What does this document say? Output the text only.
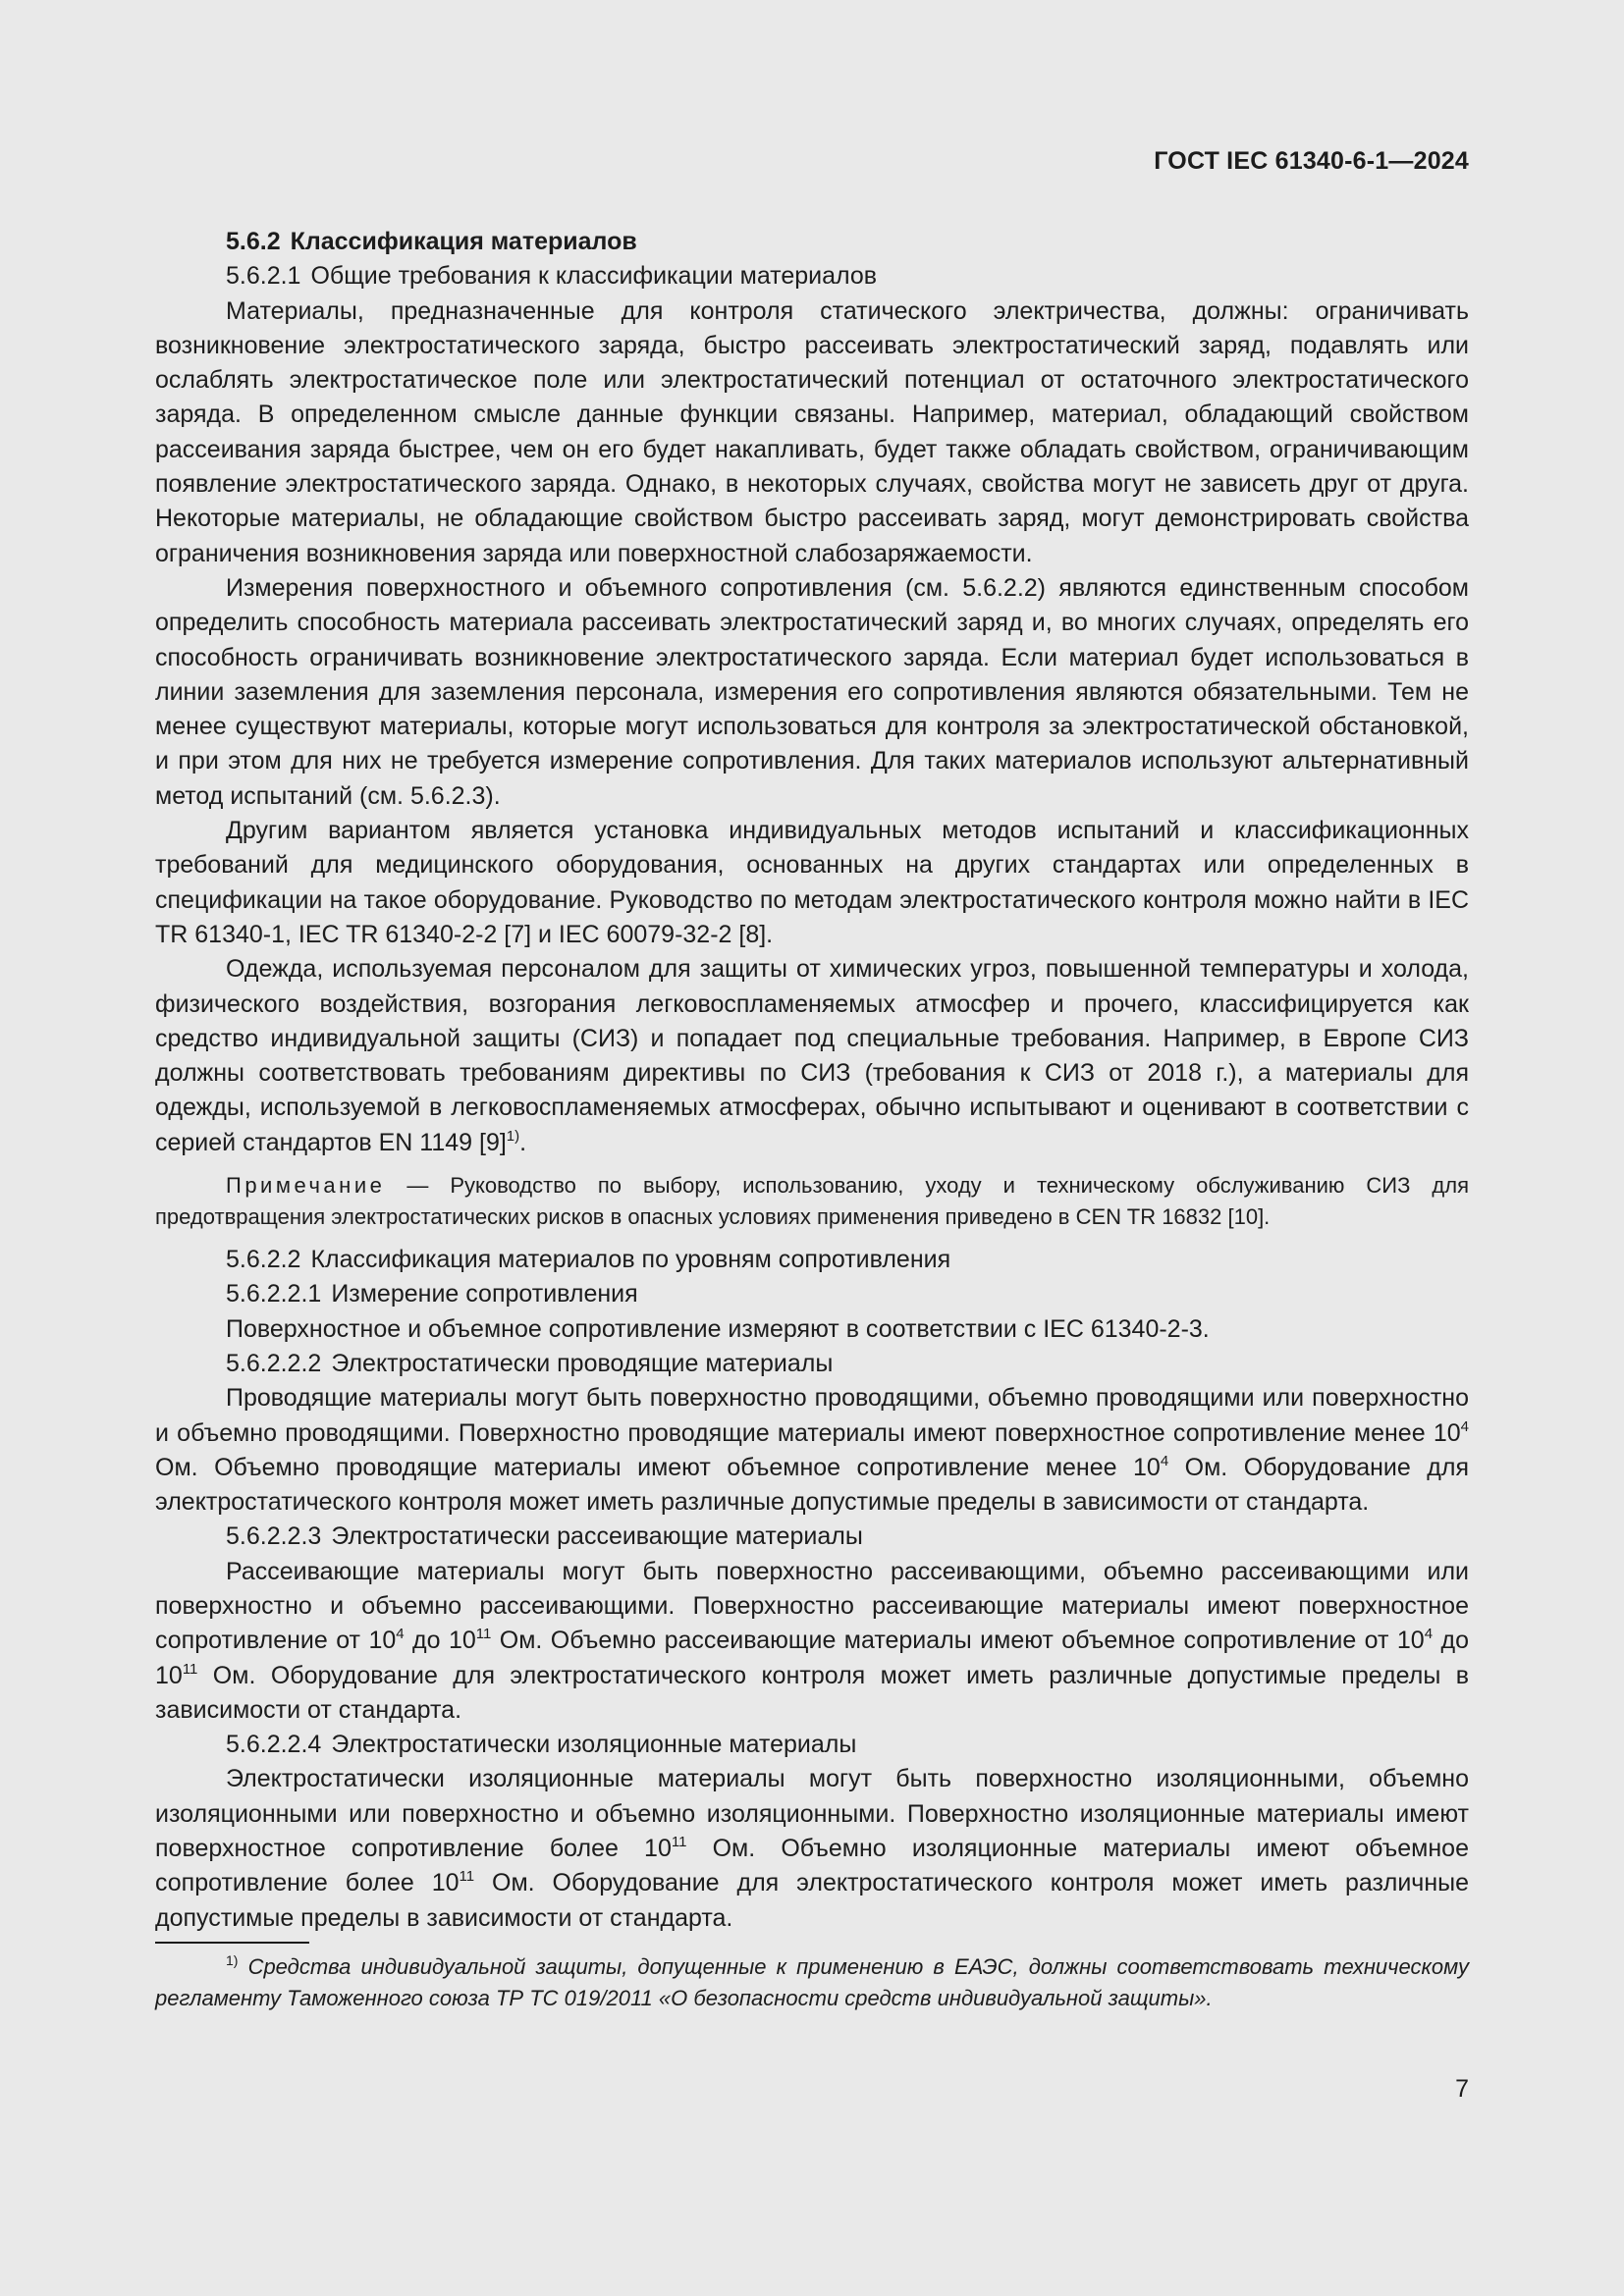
ГОСТ IEC 61340-6-1—2024

5.6.2 Классификация материалов

5.6.2.1 Общие требования к классификации материалов

Материалы, предназначенные для контроля статического электричества, должны: ограничивать возникновение электростатического заряда, быстро рассеивать электростатический заряд, подавлять или ослаблять электростатическое поле или электростатический потенциал от остаточного электростатического заряда. В определенном смысле данные функции связаны. Например, материал, обладающий свойством рассеивания заряда быстрее, чем он его будет накапливать, будет также обладать свойством, ограничивающим появление электростатического заряда. Однако, в некоторых случаях, свойства могут не зависеть друг от друга. Некоторые материалы, не обладающие свойством быстро рассеивать заряд, могут демонстрировать свойства ограничения возникновения заряда или поверхностной слабозаряжаемости.

Измерения поверхностного и объемного сопротивления (см. 5.6.2.2) являются единственным способом определить способность материала рассеивать электростатический заряд и, во многих случаях, определять его способность ограничивать возникновение электростатического заряда. Если материал будет использоваться в линии заземления для заземления персонала, измерения его сопротивления являются обязательными. Тем не менее существуют материалы, которые могут использоваться для контроля за электростатической обстановкой, и при этом для них не требуется измерение сопротивления. Для таких материалов используют альтернативный метод испытаний (см. 5.6.2.3).

Другим вариантом является установка индивидуальных методов испытаний и классификационных требований для медицинского оборудования, основанных на других стандартах или определенных в спецификации на такое оборудование. Руководство по методам электростатического контроля можно найти в IEC TR 61340-1, IEC TR 61340-2-2 [7] и IEC 60079-32-2 [8].

Одежда, используемая персоналом для защиты от химических угроз, повышенной температуры и холода, физического воздействия, возгорания легковоспламеняемых атмосфер и прочего, классифицируется как средство индивидуальной защиты (СИЗ) и попадает под специальные требования. Например, в Европе СИЗ должны соответствовать требованиям директивы по СИЗ (требования к СИЗ от 2018 г.), а материалы для одежды, используемой в легковоспламеняемых атмосферах, обычно испытывают и оценивают в соответствии с серией стандартов EN 1149 $[9]^{1)}$.

Примечание — Руководство по выбору, использованию, уходу и техническому обслуживанию СИЗ для предотвращения электростатических рисков в опасных условиях применения приведено в CEN TR 16832 [10].

5.6.2.2 Классификация материалов по уровням сопротивления

5.6.2.2.1 Измерение сопротивления

Поверхностное и объемное сопротивление измеряют в соответствии с IEC 61340-2-3.

5.6.2.2.2 Электростатически проводящие материалы

Проводящие материалы могут быть поверхностно проводящими, объемно проводящими или поверхностно и объемно проводящими. Поверхностно проводящие материалы имеют поверхностное сопротивление менее $10^4$ Ом. Объемно проводящие материалы имеют объемное сопротивление менее $10^4$ Ом. Оборудование для электростатического контроля может иметь различные допустимые пределы в зависимости от стандарта.

5.6.2.2.3 Электростатически рассеивающие материалы

Рассеивающие материалы могут быть поверхностно рассеивающими, объемно рассеивающими или поверхностно и объемно рассеивающими. Поверхностно рассеивающие материалы имеют поверхностное сопротивление от $10^4$ до $10^{11}$ Ом. Объемно рассеивающие материалы имеют объемное сопротивление от $10^4$ до $10^{11}$ Ом. Оборудование для электростатического контроля может иметь различные допустимые пределы в зависимости от стандарта.

5.6.2.2.4 Электростатически изоляционные материалы

Электростатически изоляционные материалы могут быть поверхностно изоляционными, объемно изоляционными или поверхностно и объемно изоляционными. Поверхностно изоляционные материалы имеют поверхностное сопротивление более $10^{11}$ Ом. Объемно изоляционные материалы имеют объемное сопротивление более $10^{11}$ Ом. Оборудование для электростатического контроля может иметь различные допустимые пределы в зависимости от стандарта.

$^{1)}$ Средства индивидуальной защиты, допущенные к применению в ЕАЭС, должны соответствовать техническому регламенту Таможенного союза ТР ТС 019/2011 «О безопасности средств индивидуальной защиты».

7
